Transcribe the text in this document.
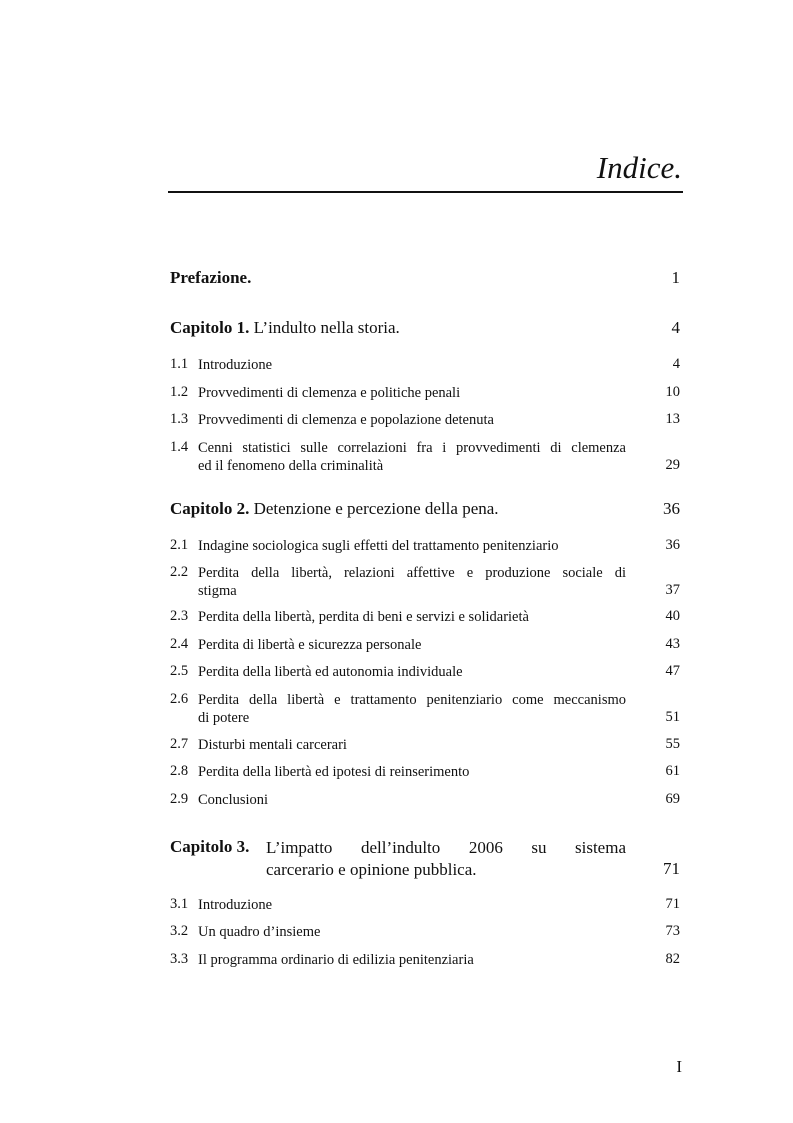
Indice.
Prefazione.	1
Capitolo 1. L’indulto nella storia.	4
1.1 Introduzione	4
1.2 Provvedimenti di clemenza e politiche penali	10
1.3 Provvedimenti di clemenza e popolazione detenuta	13
1.4 Cenni statistici sulle correlazioni fra i provvedimenti di clemenza
ed il fenomeno della criminalità	29
Capitolo 2. Detenzione e percezione della pena.	36
2.1 Indagine sociologica sugli effetti del trattamento penitenziario	36
2.2 Perdita della libertà, relazioni affettive e produzione sociale di
stigma	37
2.3 Perdita della libertà, perdita di beni e servizi e solidarietà	40
2.4 Perdita di libertà e sicurezza personale	43
2.5 Perdita della libertà ed autonomia individuale	47
2.6 Perdita della libertà e trattamento penitenziario come meccanismo
di potere	51
2.7 Disturbi mentali carcerari	55
2.8 Perdita della libertà ed ipotesi di reinserimento	61
2.9 Conclusioni	69
Capitolo 3. L’impatto dell’indulto 2006 su sistema
carcerario e opinione pubblica.	71
3.1 Introduzione	71
3.2 Un quadro d’insieme	73
3.3 Il programma ordinario di edilizia penitenziaria	82
I
